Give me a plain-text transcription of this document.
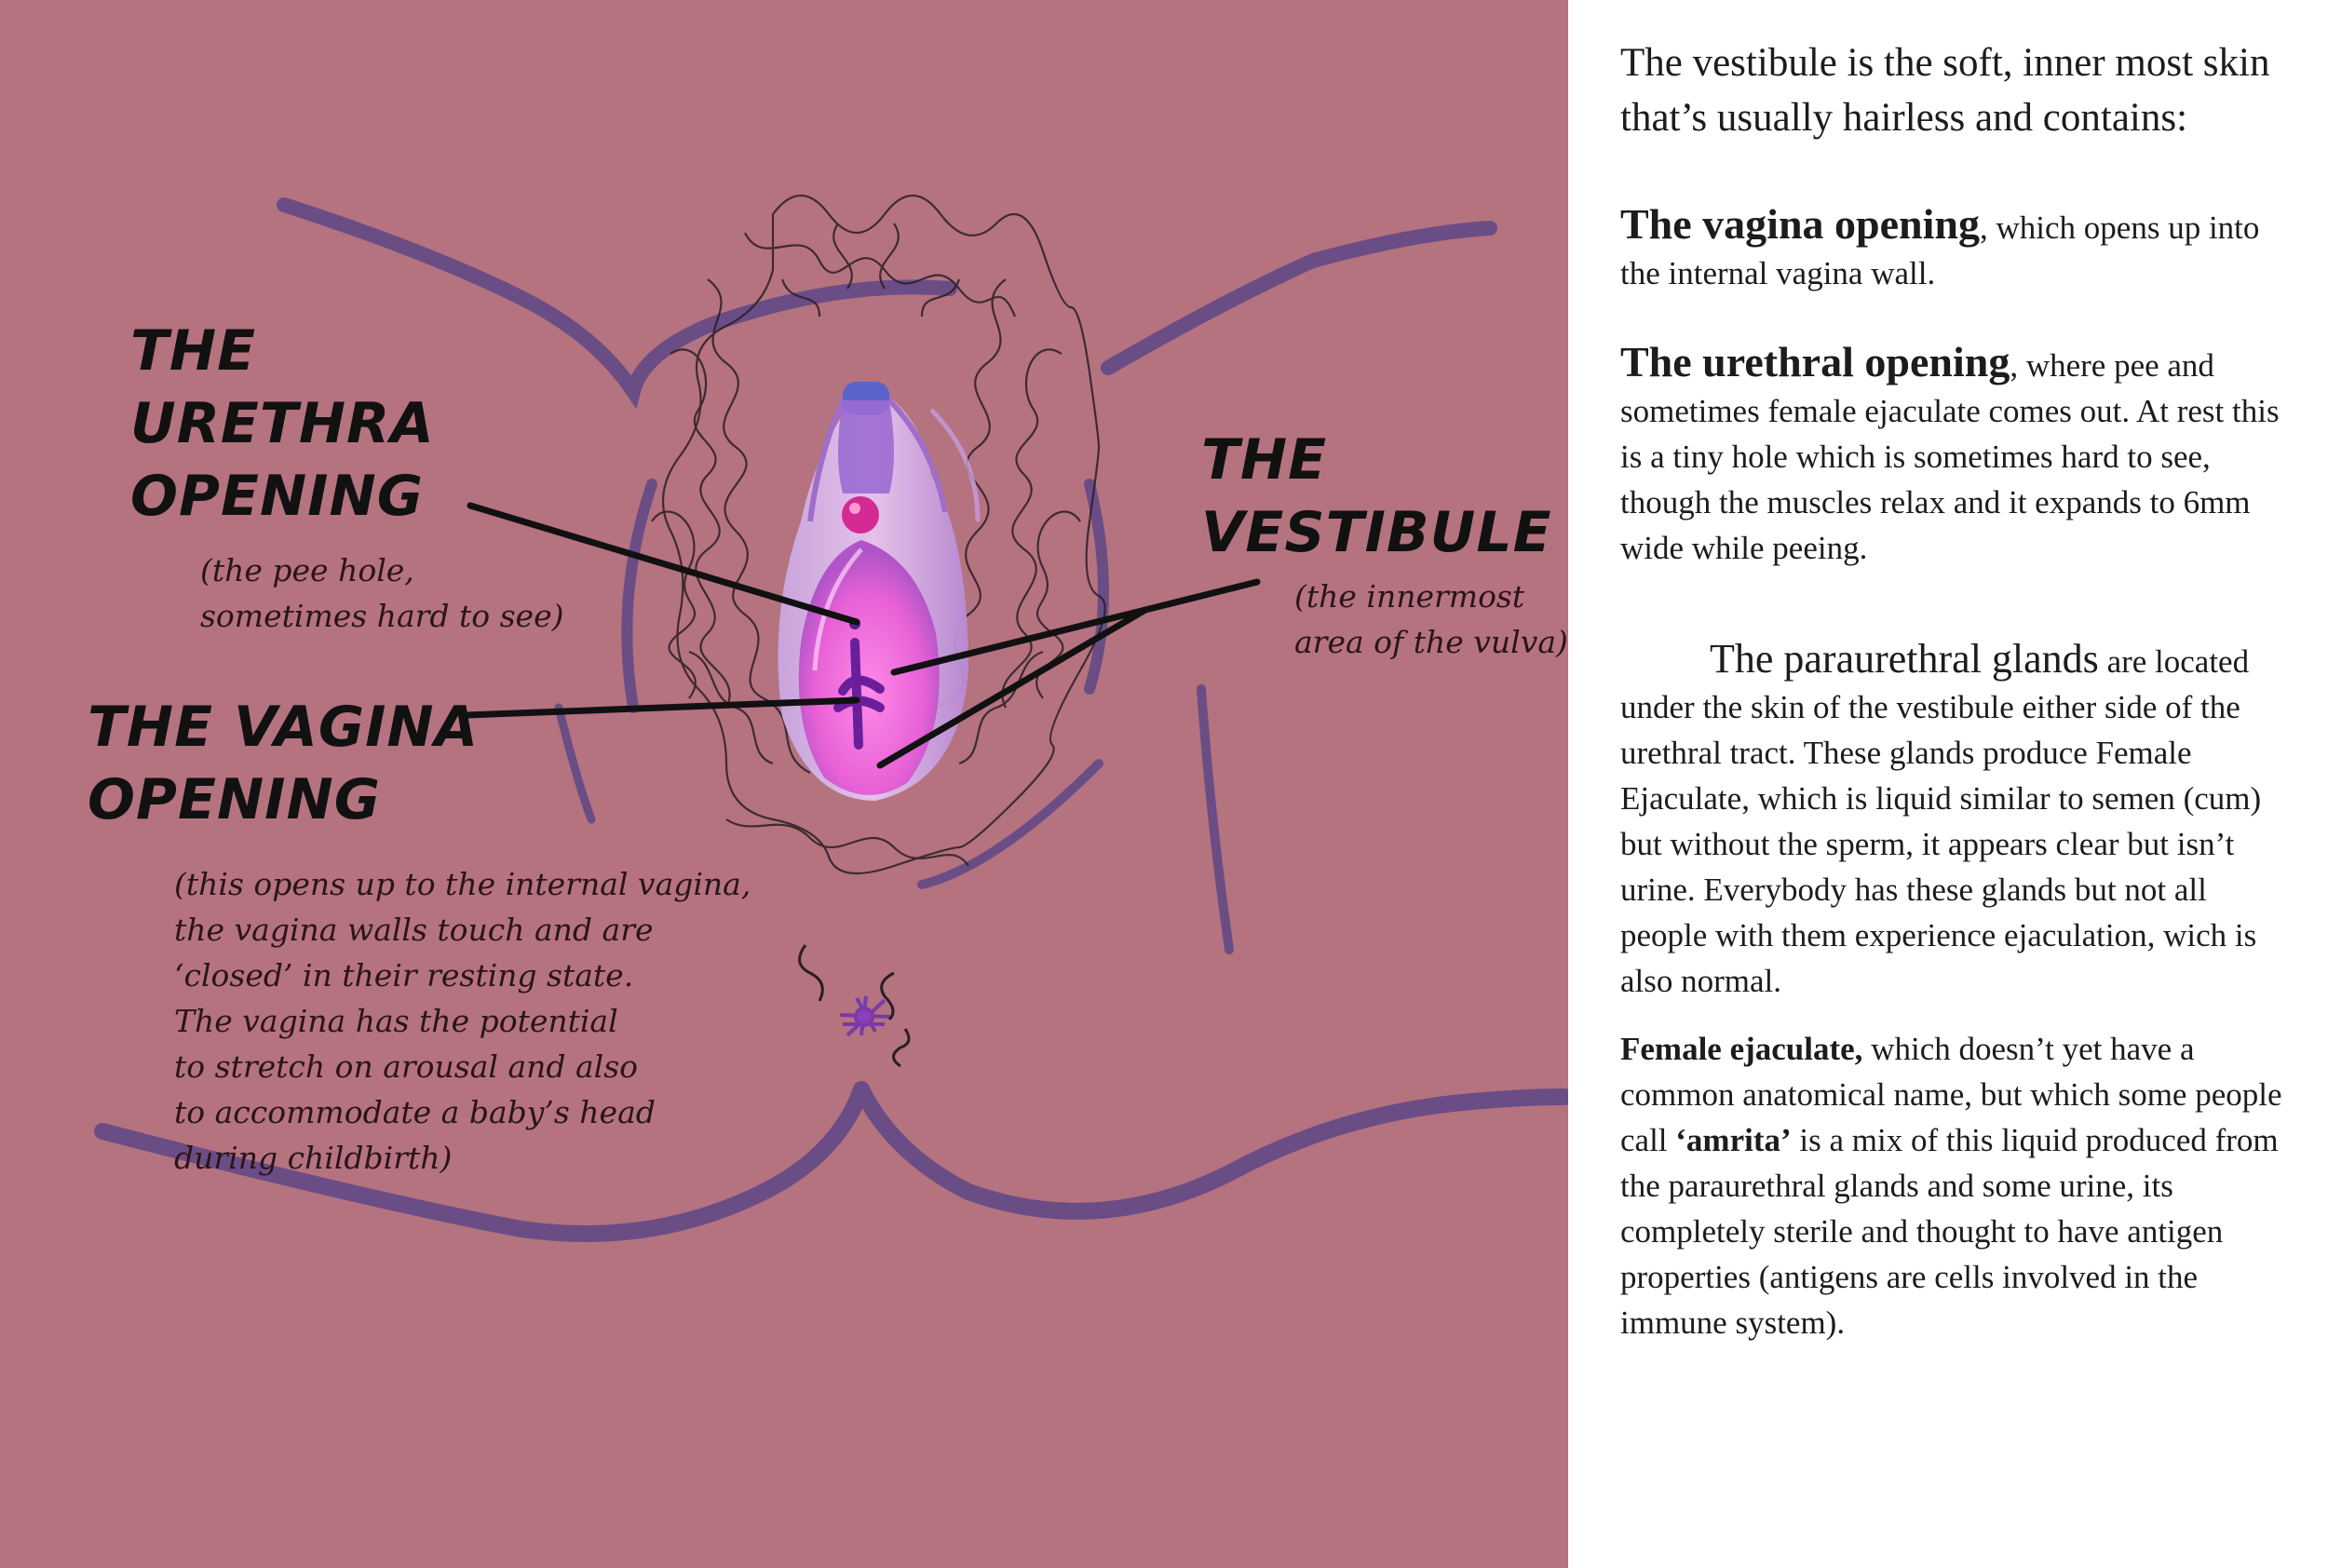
THE
URETHRA
OPENING
(the pee hole,
sometimes hard to see)
THE VAGINA
OPENING
(this opens up to the internal vagina,
the vagina walls touch and are
‘closed’ in their resting state.
The vagina has the potential
to stretch on arousal and also
to accommodate a baby’s head
during childbirth)
THE
VESTIBULE
(the innermost
area of the vulva)

The vestibule is the soft, inner most skin that’s usually hairless and contains:

The vagina opening, which opens up into the internal vagina wall.

The urethral opening, where pee and sometimes female ejaculate comes out. At rest this is a tiny hole which is sometimes hard to see, though the muscles relax and it expands to 6mm wide while peeing.

The paraurethral glands are located under the skin of the vestibule either side of the urethral tract. These glands produce Female Ejaculate, which is liquid similar to semen (cum) but without the sperm, it appears clear but isn’t urine. Everybody has these glands but not all people with them experience ejaculation, wich is also normal.

Female ejaculate, which doesn’t yet have a common anatomical name, but which some people call ‘amrita’ is a mix of this liquid produced from the paraurethral glands and some urine, its completely sterile and thought to have antigen properties (antigens are cells involved in the immune system).
